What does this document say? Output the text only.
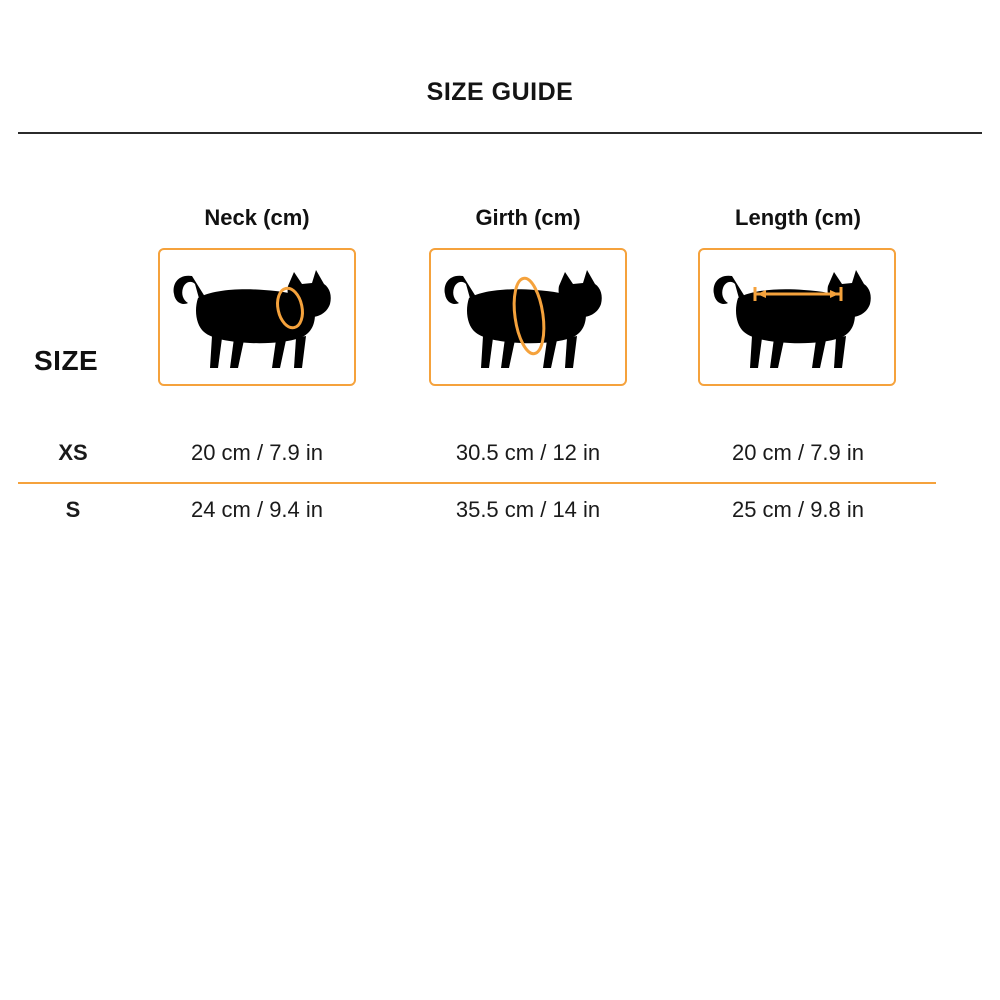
SIZE GUIDE
Neck (cm)	Girth (cm)	Length (cm)
SIZE
XS	20 cm / 7.9 in	30.5 cm / 12 in	20 cm / 7.9 in
S	24 cm / 9.4 in	35.5 cm / 14 in	25 cm / 9.8 in
